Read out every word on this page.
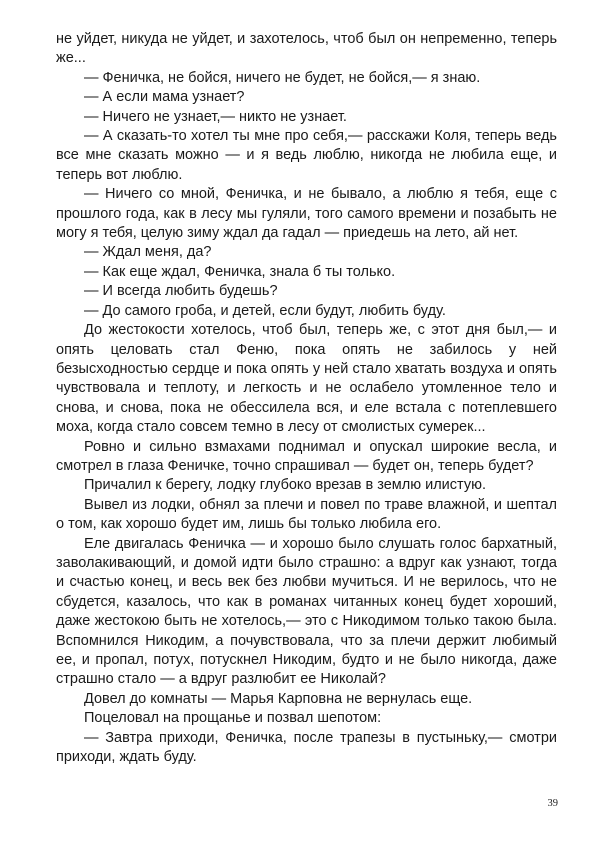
не уйдет, никуда не уйдет, и захотелось, чтоб был он непременно, теперь же...

— Феничка, не бойся, ничего не будет, не бойся,— я знаю.

— А если мама узнает?

— Ничего не узнает,— никто не узнает.

— А сказать-то хотел ты мне про себя,— расскажи Коля, теперь ведь все мне сказать можно — и я ведь люблю, никогда не любила еще, и теперь вот люблю.

— Ничего со мной, Феничка, и не бывало, а люблю я тебя, еще с прошлого года, как в лесу мы гуляли, того самого времени и позабыть не могу я тебя, целую зиму ждал да гадал — приедешь на лето, ай нет.

— Ждал меня, да?

— Как еще ждал, Феничка, знала б ты только.

— И всегда любить будешь?

— До самого гроба, и детей, если будут, любить буду.

До жестокости хотелось, чтоб был, теперь же, с этот дня был,— и опять целовать стал Феню, пока опять не забилось у ней безысходностью сердце и пока опять у ней стало хватать воздуха и опять чувствовала и теплоту, и легкость и не ослабело утомленное тело и снова, и снова, пока не обессилела вся, и еле встала с потеплевшего моха, когда стало совсем темно в лесу от смолистых сумерек...

Ровно и сильно взмахами поднимал и опускал широкие весла, и смотрел в глаза Феничке, точно спрашивал — будет он, теперь будет?

Причалил к берегу, лодку глубоко врезав в землю илистую.

Вывел из лодки, обнял за плечи и повел по траве влажной, и шептал о том, как хорошо будет им, лишь бы только любила его.

Еле двигалась Феничка — и хорошо было слушать голос бархатный, заволакивающий, и домой идти было страшно: а вдруг как узнают, тогда и счастью конец, и весь век без любви мучиться. И не верилось, что не сбудется, казалось, что как в романах читанных конец будет хороший, даже жестокою быть не хотелось,— это с Никодимом только такою была. Вспомнился Никодим, а почувствовала, что за плечи держит любимый ее, и пропал, потух, потускнел Никодим, будто и не было никогда, даже страшно стало — а вдруг разлюбит ее Николай?

Довел до комнаты — Марья Карповна не вернулась еще.

Поцеловал на прощанье и позвал шепотом:

— Завтра приходи, Феничка, после трапезы в пустыньку,— смотри приходи, ждать буду.

39
